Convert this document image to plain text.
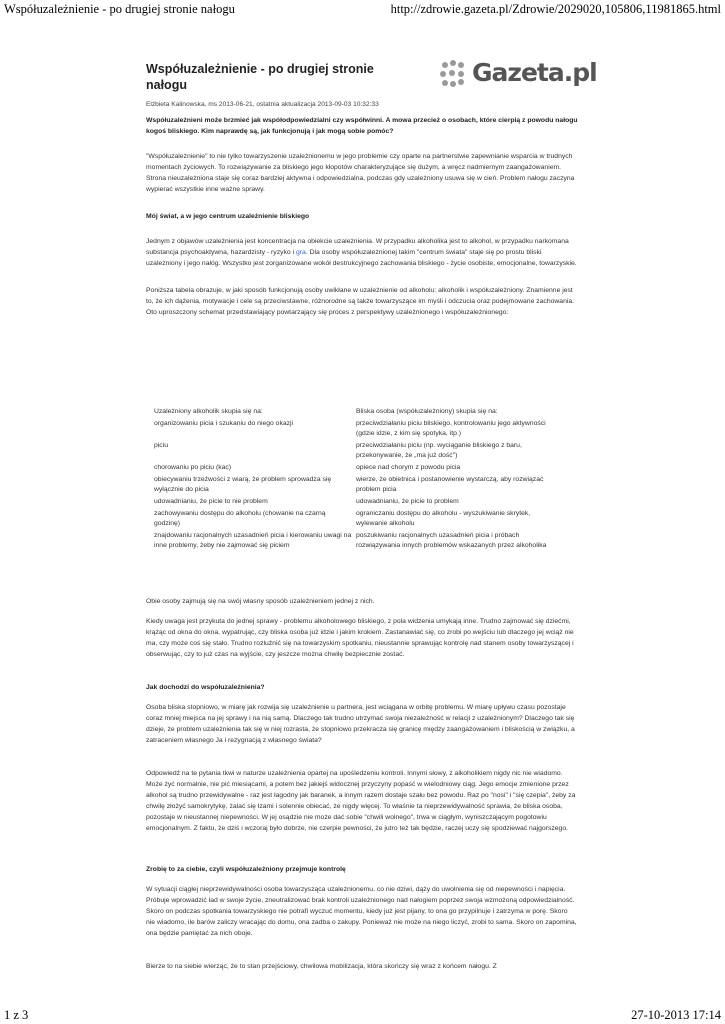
Współuzależnienie - po drugiej stronie nałogu	http://zdrowie.gazeta.pl/Zdrowie/2029020,105806,11981865.html
Współuzależnienie - po drugiej stronie nałogu	Gazeta.pl
Elżbieta Kalinowska, ms 2013-06-21, ostatnia aktualizacja 2013-09-03 10:32:33
Współuzależnieni może brzmieć jak współodpowiedzialni czy współwinni. A mowa przecież o osobach, które cierpią z powodu nałogu kogoś bliskiego. Kim naprawdę są, jak funkcjonują i jak mogą sobie pomóc?
"Współuzależnienie" to nie tylko towarzyszenie uzależnionemu w jego problemie czy oparte na partnerstwie zapewnianie wsparcia w trudnych momentach życiowych. To rozwiązywanie za bliskiego jego kłopotów charakteryzujące się dużym, a wręcz nadmiernym zaangażowaniem. Strona nieuzależniona staje się coraz bardziej aktywna i odpowiedzialna, podczas gdy uzależniony usuwa się w cień. Problem nałogu zaczyna wypierać wszystkie inne ważne sprawy.
Mój świat, a w jego centrum uzależnienie bliskiego
Jednym z objawów uzależnienia jest koncentracja na obiekcie uzależnienia. W przypadku alkoholika jest to alkohol, w przypadku narkomana substancja psychoaktywna, hazardzisty - ryzyko i gra. Dla osoby współuzależnionej takim "centrum świata" staje się po prostu bliski uzależniony i jego nałóg. Wszystko jest zorganizowane wokół destrukcyjnego zachowania bliskiego - życie osobiste, emocjonalne, towarzyskie.
Poniższa tabela obrazuje, w jaki sposób funkcjonują osoby uwikłane w uzależnienie od alkoholu: alkoholik i współuzależniony. Znamienne jest to, że ich dążenia, motywacje i cele są przeciwstawne, różnorodne są także towarzyszące im myśli i odczucia oraz podejmowane zachowania. Oto uproszczony schemat przedstawiający powtarzający się proces z perspektywy uzależnionego i współuzależnionego:
Uzależniony alkoholik skupia się na:	Bliska osoba (współuzależniony) skupia się na:
organizowaniu picia i szukaniu do niego okazji	przeciwdziałaniu piciu bliskiego, kontrolowaniu jego aktywności (gdzie idzie, z kim się spotyka, itp.)
piciu	przeciwdziałaniu piciu (np. wyciąganie bliskiego z baru, przekonywanie, że „ma już dość")
chorowaniu po piciu (kac)	opiece nad chorym z powodu picia
obiecywaniu trzeźwości z wiarą, że problem sprowadza się wyłącznie do picia	wierze, że obietnica i postanowienie wystarczą, aby rozwiązać problem picia
udowadnianiu, że picie to nie problem	udowadnianiu, że picie to problem
zachowywaniu dostępu do alkoholu (chowanie na czarną godzinę)	ograniczaniu dostępu do alkoholu - wyszukiwanie skrytek, wylewanie alkoholu
znajdowaniu racjonalnych uzasadnień picia i kierowaniu uwagi na inne problemy, żeby nie zajmować się piciem	poszukiwaniu racjonalnych uzasadnień picia i próbach rozwiązywania innych problemów wskazanych przez alkoholika
Obie osoby zajmują się na swój własny sposób uzależnieniem jednej z nich.
Kiedy uwaga jest przykuta do jednej sprawy - problemu alkoholowego bliskiego, z pola widzenia umykają inne. Trudno zajmować się dziećmi, krążąc od okna do okna, wypatrując, czy bliska osoba już idzie i jakim krokiem. Zastanawiać się, co zrobi po wejściu lub dlaczego jej wciąż nie ma, czy może coś się stało. Trudno rozluźnić się na towarzyskim spotkaniu, nieustannie sprawując kontrolę nad stanem osoby towarzyszącej i obserwując, czy to już czas na wyjście, czy jeszcze można chwilę bezpiecznie zostać.
Jak dochodzi do współuzależnienia?
Osoba bliska stopniowo, w miarę jak rozwija się uzależnienie u partnera, jest wciągana w orbitę problemu. W miarę upływu czasu pozostaje coraz mniej miejsca na jej sprawy i na nią samą. Dlaczego tak trudno utrzymać swoja niezależność w relacji z uzależnionym? Dlaczego tak się dzieje, że problem uzależnienia tak się w niej rozrasta, że stopniowo przekracza się granicę między zaangażowaniem i bliskością w związku, a zatraceniem własnego Ja i rezygnacją z własnego świata?
Odpowiedź na te pytania tkwi w naturze uzależnienia opartej na upośledzeniu kontroli. Innymi słowy, z alkoholikiem nigdy nic nie wiadomo. Może żyć normalnie, nie pić miesiącami, a potem bez jakiejś widocznej przyczyny popaść w wielodniowy ciąg. Jego emocje zmienione przez alkohol są trudno przewidywalne - raz jest łagodny jak baranek, a innym razem dostaje szału bez powodu. Raz po "nosi" i "się czepia", żeby za chwilę złożyć samokrytykę, żalać się łzami i solennie obiecać, że nigdy więcej. To właśnie ta nieprzewidywalność sprawia, że bliska osoba, pozostaje w nieustannej niepewności. W jej osądzie nie może dać sobie "chwili wolnego", trwa w ciągłym, wyniszczającym pogotowiu emocjonalnym. Z faktu, że dziś i wczoraj było dobrze, nie czerpie pewności, że jutro też tak będzie, raczej uczy się spodziewać najgorszego.
Zrobię to za ciebie, czyli współuzależniony przejmuje kontrolę
W sytuacji ciągłej nieprzewidywalności osoba towarzysząca uzależnionemu, co nie dziwi, dąży do uwolnienia się od niepewności i napięcia. Próbuje wprowadzić ład w swoje życie, zneutralizować brak kontroli uzależnionego nad nałogiem poprzez swoja wzmożoną odpowiedzialność. Skoro on podczas spotkania towarzyskiego nie potrafi wyczuć momentu, kiedy już jest pijany, to ona go przypilnuje i zatrzyma w porę. Skoro nie wiadomo, ile barów zaliczy wracając do domu, ona zadba o zakupy. Ponieważ nie może na niego liczyć, zrobi to sama. Skoro on zapomina, ona będzie pamiętać za nich oboje.
Bierze to na siebie wierząc, że to stan przejściowy, chwilowa mobilizacja, która skończy się wraz z końcem nałogu. Z
1 z 3	27-10-2013 17:14
